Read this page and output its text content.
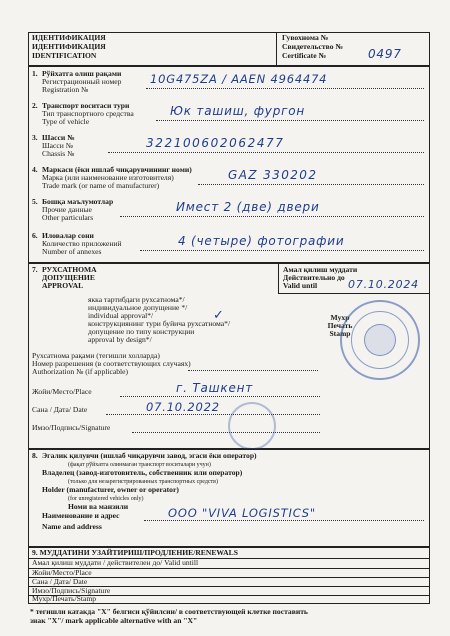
ИДЕНТИФИКАЦИЯ
ИДЕНТИФИКАЦИЯ
IDENTIFICATION
Гувохнома №
Свидетельство №
Certificate №	0497
1. Рўйхатга олиш рақами
Регистрационный номер
Registration №
10G475ZA / AAEN 4964474
2. Транспорт воситаси тури
Тип транспортного средства
Type of vehicle
Юк ташиш, фургон
3. Шасси №
Шасси №
Chassis №
322100602062477
4. Маркаси (ёки ишлаб чиқарувчининг номи)
Марка (или наименование изготовителя)
Trade mark (or name of manufacturer)
GAZ 330202
5. Бошқа маълумотлар
Прочие данные
Other particulars
Имест 2 (две) двери
6. Иловалар сони
Количество приложений
Number of annexes
4 (четыре) фотографии
7. РУХСАТНОМА
ДОПУЩЕНИЕ
APPROVAL
Амал қилиш муддати
Действительно до
Valid until	07.10.2024
якка тартибдаги рухсатнома*/
индивидуальное допущение */
individual approval*/
конструкциянинг тури буйича рухсатнома*/
допущение по типу конструкции
approval by design*/
✓	Мухр
Печать
Stamp
Рухсатнома рақами (тегишли холларда)
Номер разрешения (в соответствующих случаях)
Authorization № (if applicable)
Жойи/Место/Place	г. Ташкент
Сана / Дата/ Date	07.10.2022
Имзо/Подпись/Signature
8. Эгалик қилувчи (ишлаб чиқарувчи завод, эгаси ёки оператор)
(фақат рўйхатга олинмаган транспорт воситалари учун)
Владелец (завод-изготовитель, собственник или оператор)
(только для незарегистрированных транспортных средств)
Holder (manufacturer, owner or operator)
(for unregistered vehicles only)
Номи ва манзили
Наименование и адрес
Name and address
ООО "VIVA LOGISTICS"
9. МУДДАТИНИ УЗАЙТИРИШ/ПРОДЛЕНИЕ/RENEWALS
Амал қилиш муддати / действителен до/ Valid untill
Жойи/Место/Place
Сана / Дата/ Date
Имзо/Подпись/Signature
Мухр/Печать/Stamp
* тегишли катакда "X" белгиси қўйилсин/ в соответствующей клетке поставить
знак "X"/ mark applicable alternative with an "X"
